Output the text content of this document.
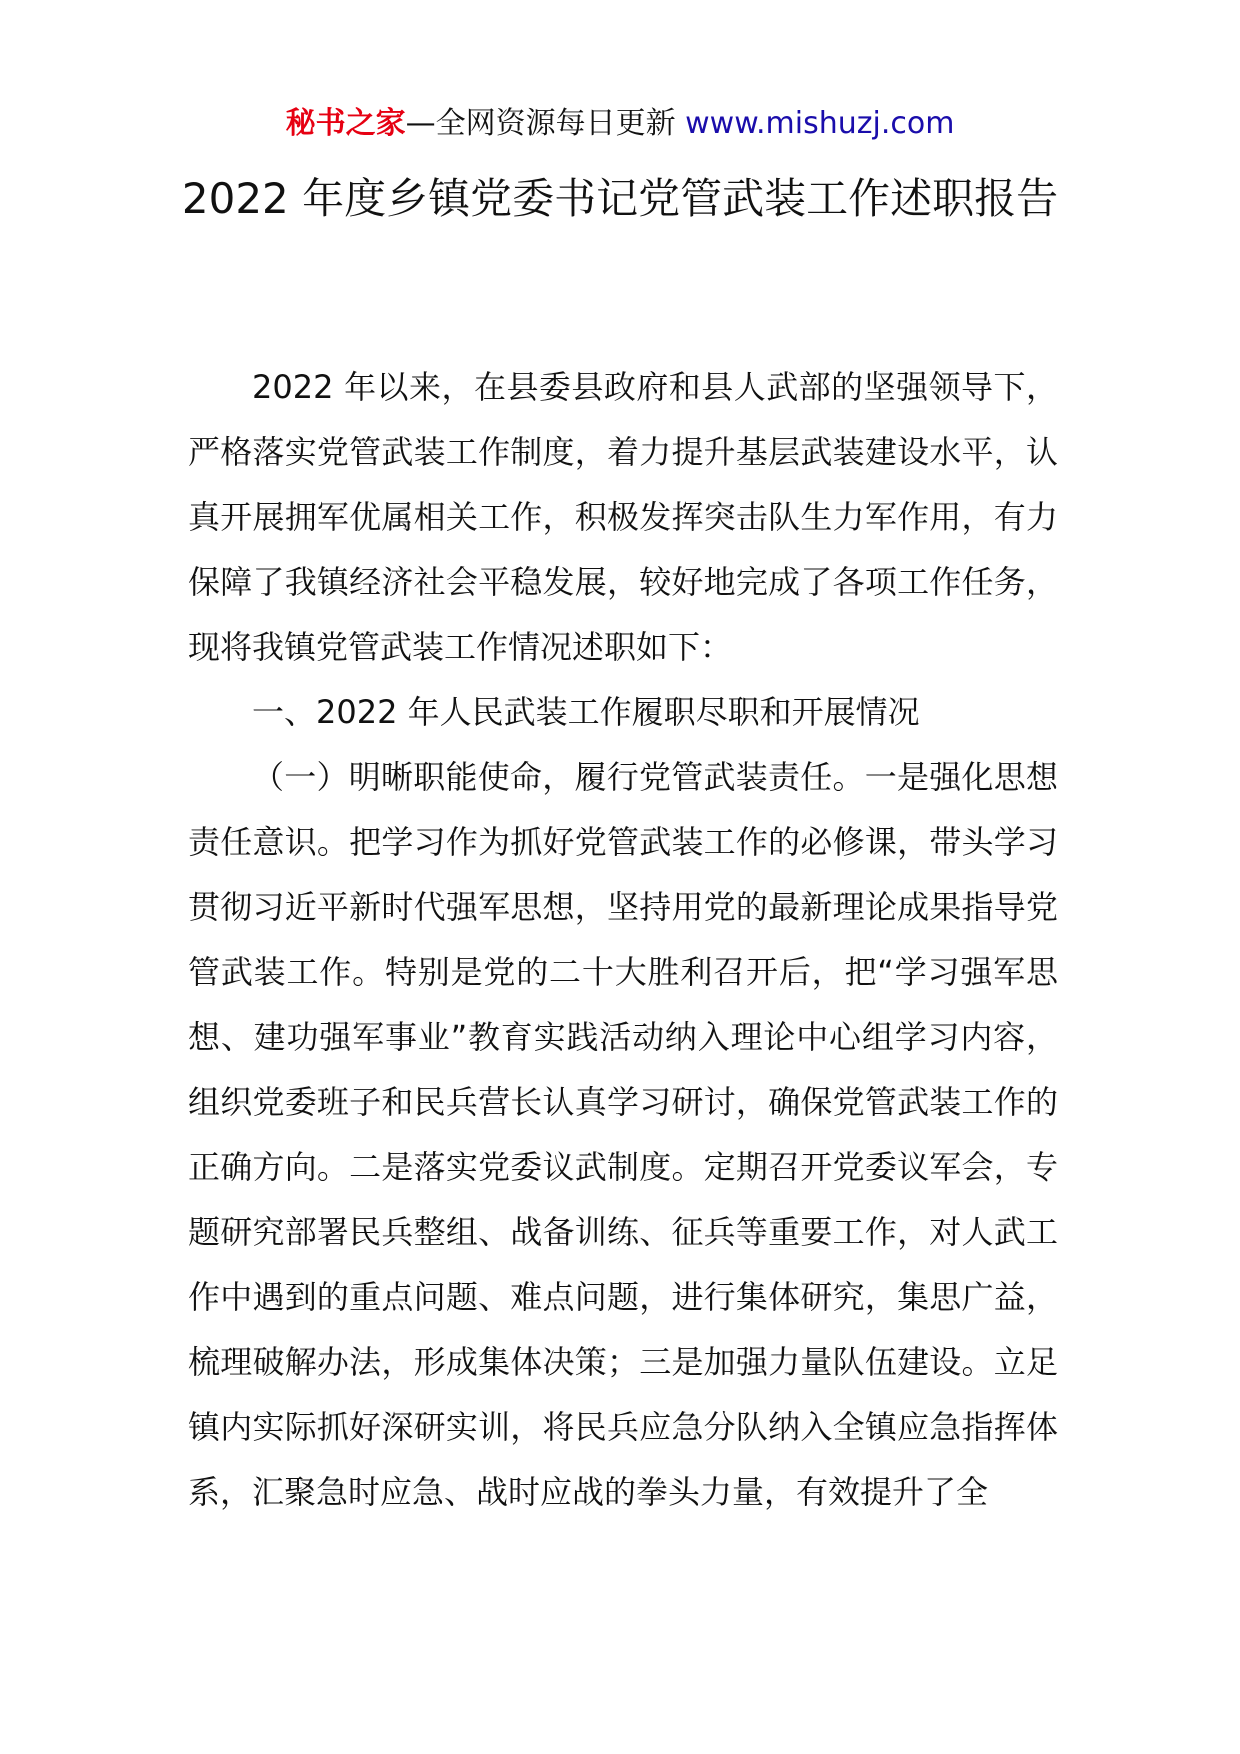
秘书之家—全网资源每日更新 www.mishuzj.com
2022 年度乡镇党委书记党管武装工作述职报告

2022 年以来，在县委县政府和县人武部的坚强领导下，严格落实党管武装工作制度，着力提升基层武装建设水平，认真开展拥军优属相关工作，积极发挥突击队生力军作用，有力保障了我镇经济社会平稳发展，较好地完成了各项工作任务，现将我镇党管武装工作情况述职如下：

一、2022 年人民武装工作履职尽职和开展情况

（一）明晰职能使命，履行党管武装责任。一是强化思想责任意识。把学习作为抓好党管武装工作的必修课，带头学习贯彻习近平新时代强军思想，坚持用党的最新理论成果指导党管武装工作。特别是党的二十大胜利召开后，把“学习强军思想、建功强军事业”教育实践活动纳入理论中心组学习内容，组织党委班子和民兵营长认真学习研讨，确保党管武装工作的正确方向。二是落实党委议武制度。定期召开党委议军会，专题研究部署民兵整组、战备训练、征兵等重要工作，对人武工作中遇到的重点问题、难点问题，进行集体研究，集思广益，梳理破解办法，形成集体决策；三是加强力量队伍建设。立足镇内实际抓好深研实训，将民兵应急分队纳入全镇应急指挥体系，汇聚急时应急、战时应战的拳头力量，有效提升了全
